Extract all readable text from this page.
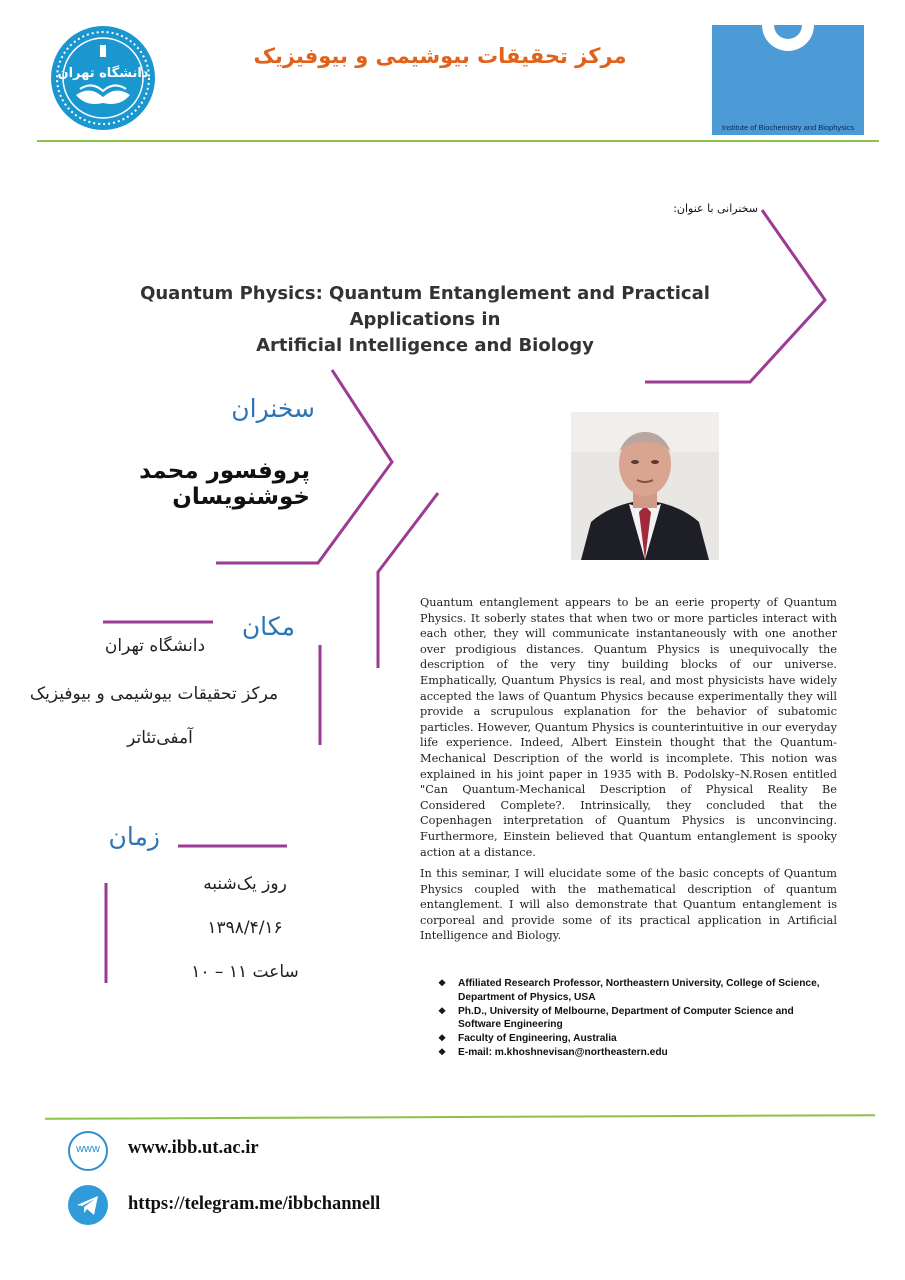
دانشگاه تهران
مرکز تحقیقات بیوشیمی و بیوفیزیک
Institute of Biochemistry and Biophysics
سخنرانی با عنوان:
Quantum Physics: Quantum Entanglement and Practical Applications in
Artificial Intelligence and Biology
سخنران
پروفسور محمد خوشنویسان
مکان
دانشگاه تهران
مرکز تحقیقات بیوشیمی و بیوفیزیک
آمفی‌تئاتر
زمان
روز یک‌شنبه
۱۳۹۸/۴/۱۶
ساعت ۱۱ – ۱۰

Quantum entanglement appears to be an eerie property of Quantum Physics. It soberly states that when two or more particles interact with each other, they will communicate instantaneously with one another over prodigious distances. Quantum Physics is unequivocally the description of the very tiny building blocks of our universe. Emphatically, Quantum Physics is real, and most physicists have widely accepted the laws of Quantum Physics because experimentally they will provide a scrupulous explanation for the behavior of subatomic particles. However, Quantum Physics is counterintuitive in our everyday life experience. Indeed, Albert Einstein thought that the Quantum-Mechanical Description of the world is incomplete. This notion was explained in his joint paper in 1935 with B. Podolsky–N.Rosen entitled "Can Quantum-Mechanical Description of Physical Reality Be Considered Complete?. Intrinsically, they concluded that the Copenhagen interpretation of Quantum Physics is unconvincing. Furthermore, Einstein believed that Quantum entanglement is spooky action at a distance.

In this seminar, I will elucidate some of the basic concepts of Quantum Physics coupled with the mathematical description of quantum entanglement. I will also demonstrate that Quantum entanglement is corporeal and provide some of its practical application in Artificial Intelligence and Biology.

❖ Affiliated Research Professor, Northeastern University, College of Science, Department of Physics, USA
❖ Ph.D., University of Melbourne, Department of Computer Science and Software Engineering
❖ Faculty of Engineering, Australia
❖ E-mail: m.khoshnevisan@northeastern.edu
www	www.ibb.ut.ac.ir
https://telegram.me/ibbchannell
